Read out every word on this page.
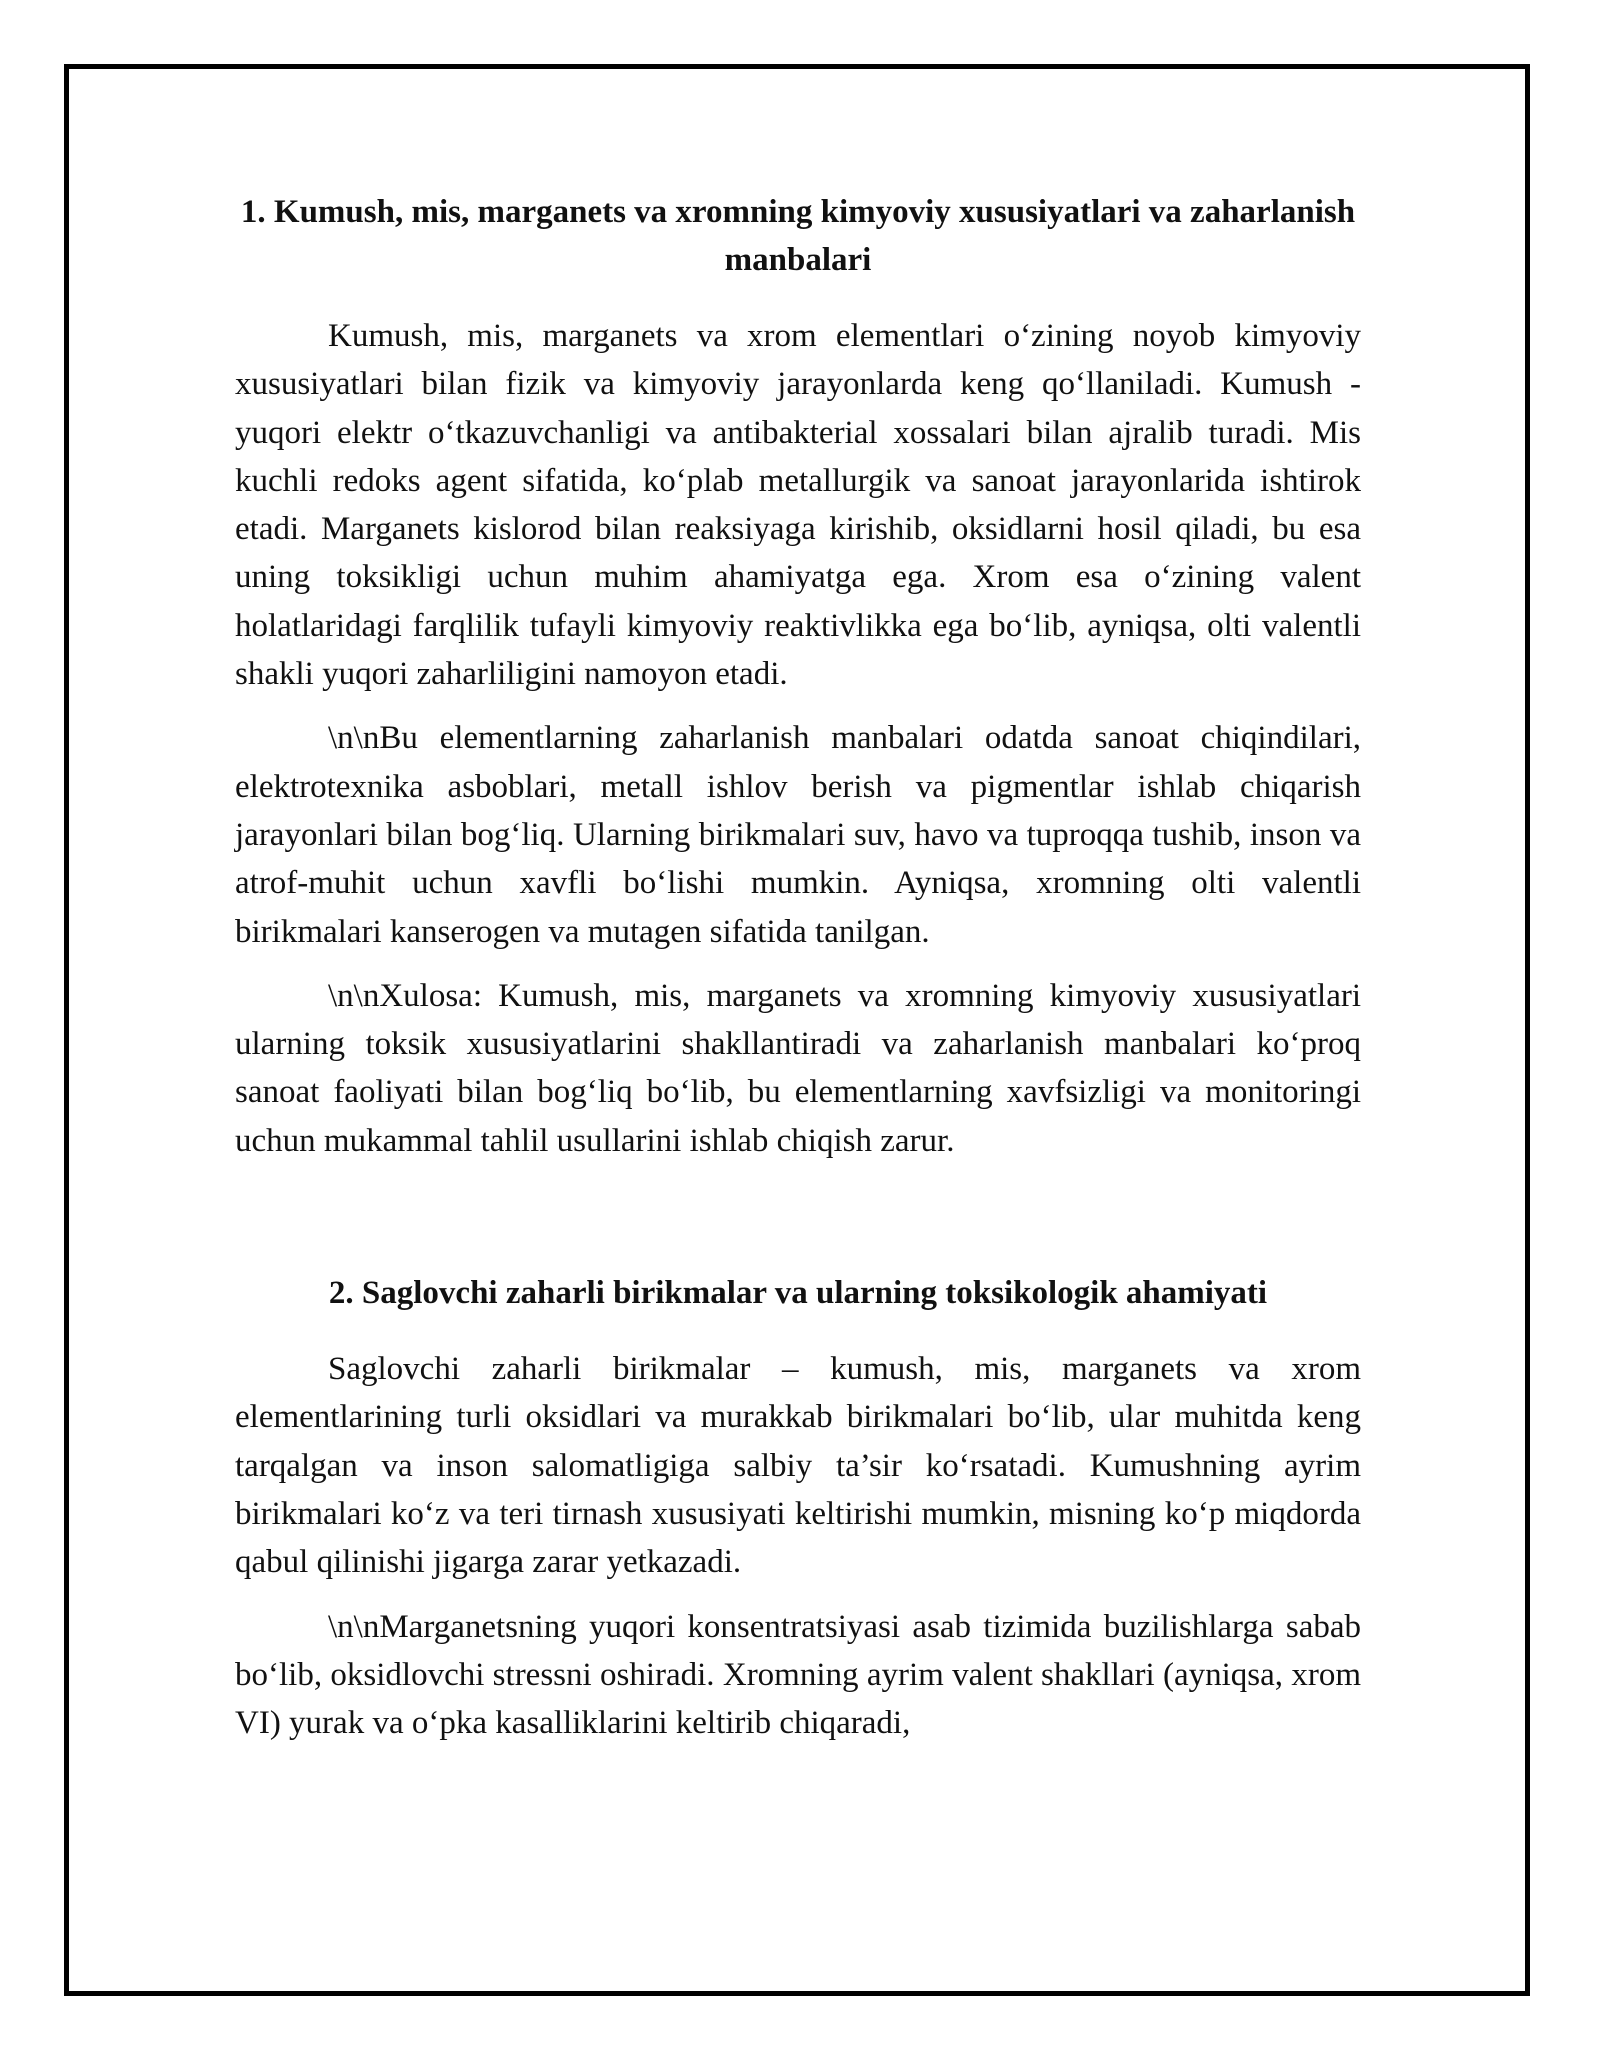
1. Kumush, mis, marganets va xromning kimyoviy xususiyatlari va zaharlanish manbalari

Kumush, mis, marganets va xrom elementlari o‘zining noyob kimyoviy xususiyatlari bilan fizik va kimyoviy jarayonlarda keng qo‘llaniladi. Kumush - yuqori elektr o‘tkazuvchanligi va antibakterial xossalari bilan ajralib turadi. Mis kuchli redoks agent sifatida, ko‘plab metallurgik va sanoat jarayonlarida ishtirok etadi. Marganets kislorod bilan reaksiyaga kirishib, oksidlarni hosil qiladi, bu esa uning toksikligi uchun muhim ahamiyatga ega. Xrom esa o‘zining valent holatlaridagi farqlilik tufayli kimyoviy reaktivlikka ega bo‘lib, ayniqsa, olti valentli shakli yuqori zaharliligini namoyon etadi.

\n\nBu elementlarning zaharlanish manbalari odatda sanoat chiqindilari, elektrotexnika asboblari, metall ishlov berish va pigmentlar ishlab chiqarish jarayonlari bilan bog‘liq. Ularning birikmalari suv, havo va tuproqqa tushib, inson va atrof-muhit uchun xavfli bo‘lishi mumkin. Ayniqsa, xromning olti valentli birikmalari kanserogen va mutagen sifatida tanilgan.

\n\nXulosa: Kumush, mis, marganets va xromning kimyoviy xususiyatlari ularning toksik xususiyatlarini shakllantiradi va zaharlanish manbalari ko‘proq sanoat faoliyati bilan bog‘liq bo‘lib, bu elementlarning xavfsizligi va monitoringi uchun mukammal tahlil usullarini ishlab chiqish zarur.

2. Saglovchi zaharli birikmalar va ularning toksikologik ahamiyati

Saglovchi zaharli birikmalar – kumush, mis, marganets va xrom elementlarining turli oksidlari va murakkab birikmalari bo‘lib, ular muhitda keng tarqalgan va inson salomatligiga salbiy ta’sir ko‘rsatadi. Kumushning ayrim birikmalari ko‘z va teri tirnash xususiyati keltirishi mumkin, misning ko‘p miqdorda qabul qilinishi jigarga zarar yetkazadi.

\n\nMarganetsning yuqori konsentratsiyasi asab tizimida buzilishlarga sabab bo‘lib, oksidlovchi stressni oshiradi. Xromning ayrim valent shakllari (ayniqsa, xrom VI) yurak va o‘pka kasalliklarini keltirib chiqaradi,
